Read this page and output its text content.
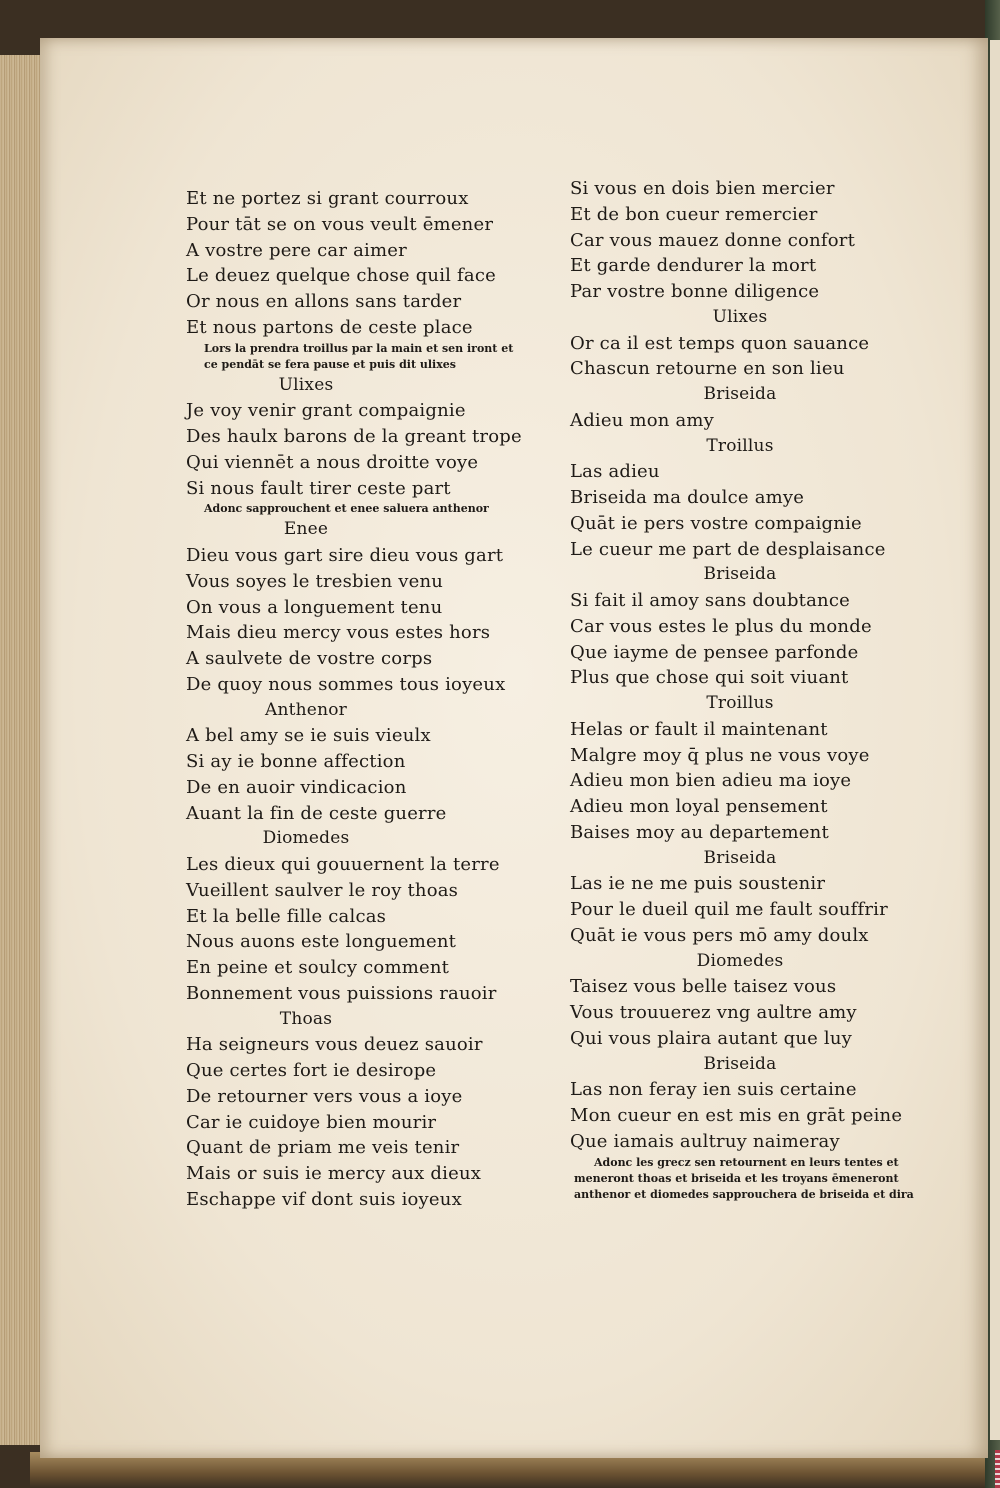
Et ne portez si grant courroux
Pour tāt se on vous veult ēmener
A vostre pere car aimer
Le deuez quelque chose quil face
Or nous en allons sans tarder
Et nous partons de ceste place
Lors la prendra troillus par la main et sen iront et
ce pendāt se fera pause et puis dit ulixes
Ulixes
Je voy venir grant compaignie
Des haulx barons de la greant trope
Qui viennēt a nous droitte voye
Si nous fault tirer ceste part
Adonc sapprouchent et enee saluera anthenor
Enee
Dieu vous gart sire dieu vous gart
Vous soyes le tresbien venu
On vous a longuement tenu
Mais dieu mercy vous estes hors
A saulvete de vostre corps
De quoy nous sommes tous ioyeux
Anthenor
A bel amy se ie suis vieulx
Si ay ie bonne affection
De en auoir vindicacion
Auant la fin de ceste guerre
Diomedes
Les dieux qui gouuernent la terre
Vueillent saulver le roy thoas
Et la belle fille calcas
Nous auons este longuement
En peine et soulcy comment
Bonnement vous puissions rauoir
Thoas
Ha seigneurs vous deuez sauoir
Que certes fort ie desirope
De retourner vers vous a ioye
Car ie cuidoye bien mourir
Quant de priam me veis tenir
Mais or suis ie mercy aux dieux
Eschappe vif dont suis ioyeux
Si vous en dois bien mercier
Et de bon cueur remercier
Car vous mauez donne confort
Et garde dendurer la mort
Par vostre bonne diligence
Ulixes
Or ca il est temps quon sauance
Chascun retourne en son lieu
Briseida
Adieu mon amy
Troillus
Las adieu
Briseida ma doulce amye
Quāt ie pers vostre compaignie
Le cueur me part de desplaisance
Briseida
Si fait il amoy sans doubtance
Car vous estes le plus du monde
Que iayme de pensee parfonde
Plus que chose qui soit viuant
Troillus
Helas or fault il maintenant
Malgre moy q̄ plus ne vous voye
Adieu mon bien adieu ma ioye
Adieu mon loyal pensement
Baises moy au departement
Briseida
Las ie ne me puis soustenir
Pour le dueil quil me fault souffrir
Quāt ie vous pers mō amy doulx
Diomedes
Taisez vous belle taisez vous
Vous trouuerez vng aultre amy
Qui vous plaira autant que luy
Briseida
Las non feray ien suis certaine
Mon cueur en est mis en grāt peine
Que iamais aultruy naimeray
Adonc les grecz sen retournent en leurs tentes et
meneront thoas et briseida et les troyans ēmeneront
anthenor et diomedes sapprouchera de briseida et dira
